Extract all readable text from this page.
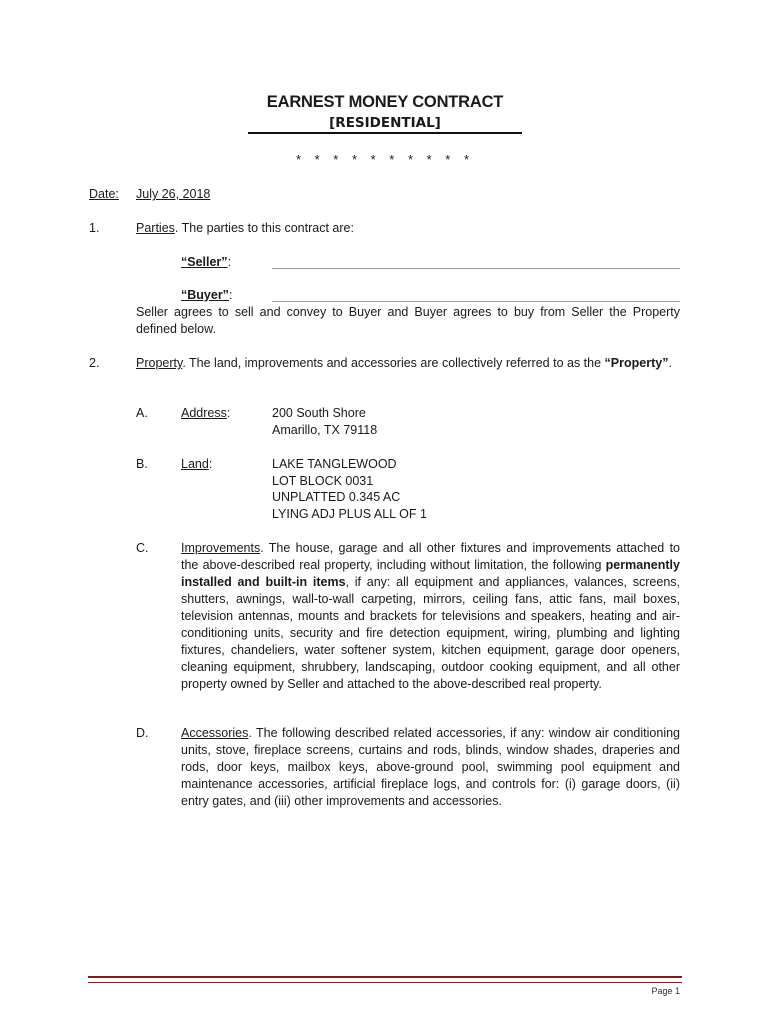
EARNEST MONEY CONTRACT
[RESIDENTIAL]
* * * * * * * * * *
Date: July 26, 2018
1.	Parties. The parties to this contract are:
“Seller”:
“Buyer”:
Seller agrees to sell and convey to Buyer and Buyer agrees to buy from Seller the Property defined below.
2.	Property. The land, improvements and accessories are collectively referred to as the “Property”.
A.	Address:	200 South Shore
Amarillo, TX 79118
B.	Land:	LAKE TANGLEWOOD
LOT BLOCK 0031
UNPLATTED 0.345 AC
LYING ADJ PLUS ALL OF 1
C.	Improvements. The house, garage and all other fixtures and improvements attached to the above-described real property, including without limitation, the following permanently installed and built-in items, if any: all equipment and appliances, valances, screens, shutters, awnings, wall-to-wall carpeting, mirrors, ceiling fans, attic fans, mail boxes, television antennas, mounts and brackets for televisions and speakers, heating and air-conditioning units, security and fire detection equipment, wiring, plumbing and lighting fixtures, chandeliers, water softener system, kitchen equipment, garage door openers, cleaning equipment, shrubbery, landscaping, outdoor cooking equipment, and all other property owned by Seller and attached to the above-described real property.
D.	Accessories. The following described related accessories, if any: window air conditioning units, stove, fireplace screens, curtains and rods, blinds, window shades, draperies and rods, door keys, mailbox keys, above-ground pool, swimming pool equipment and maintenance accessories, artificial fireplace logs, and controls for: (i) garage doors, (ii) entry gates, and (iii) other improvements and accessories.
Page 1
